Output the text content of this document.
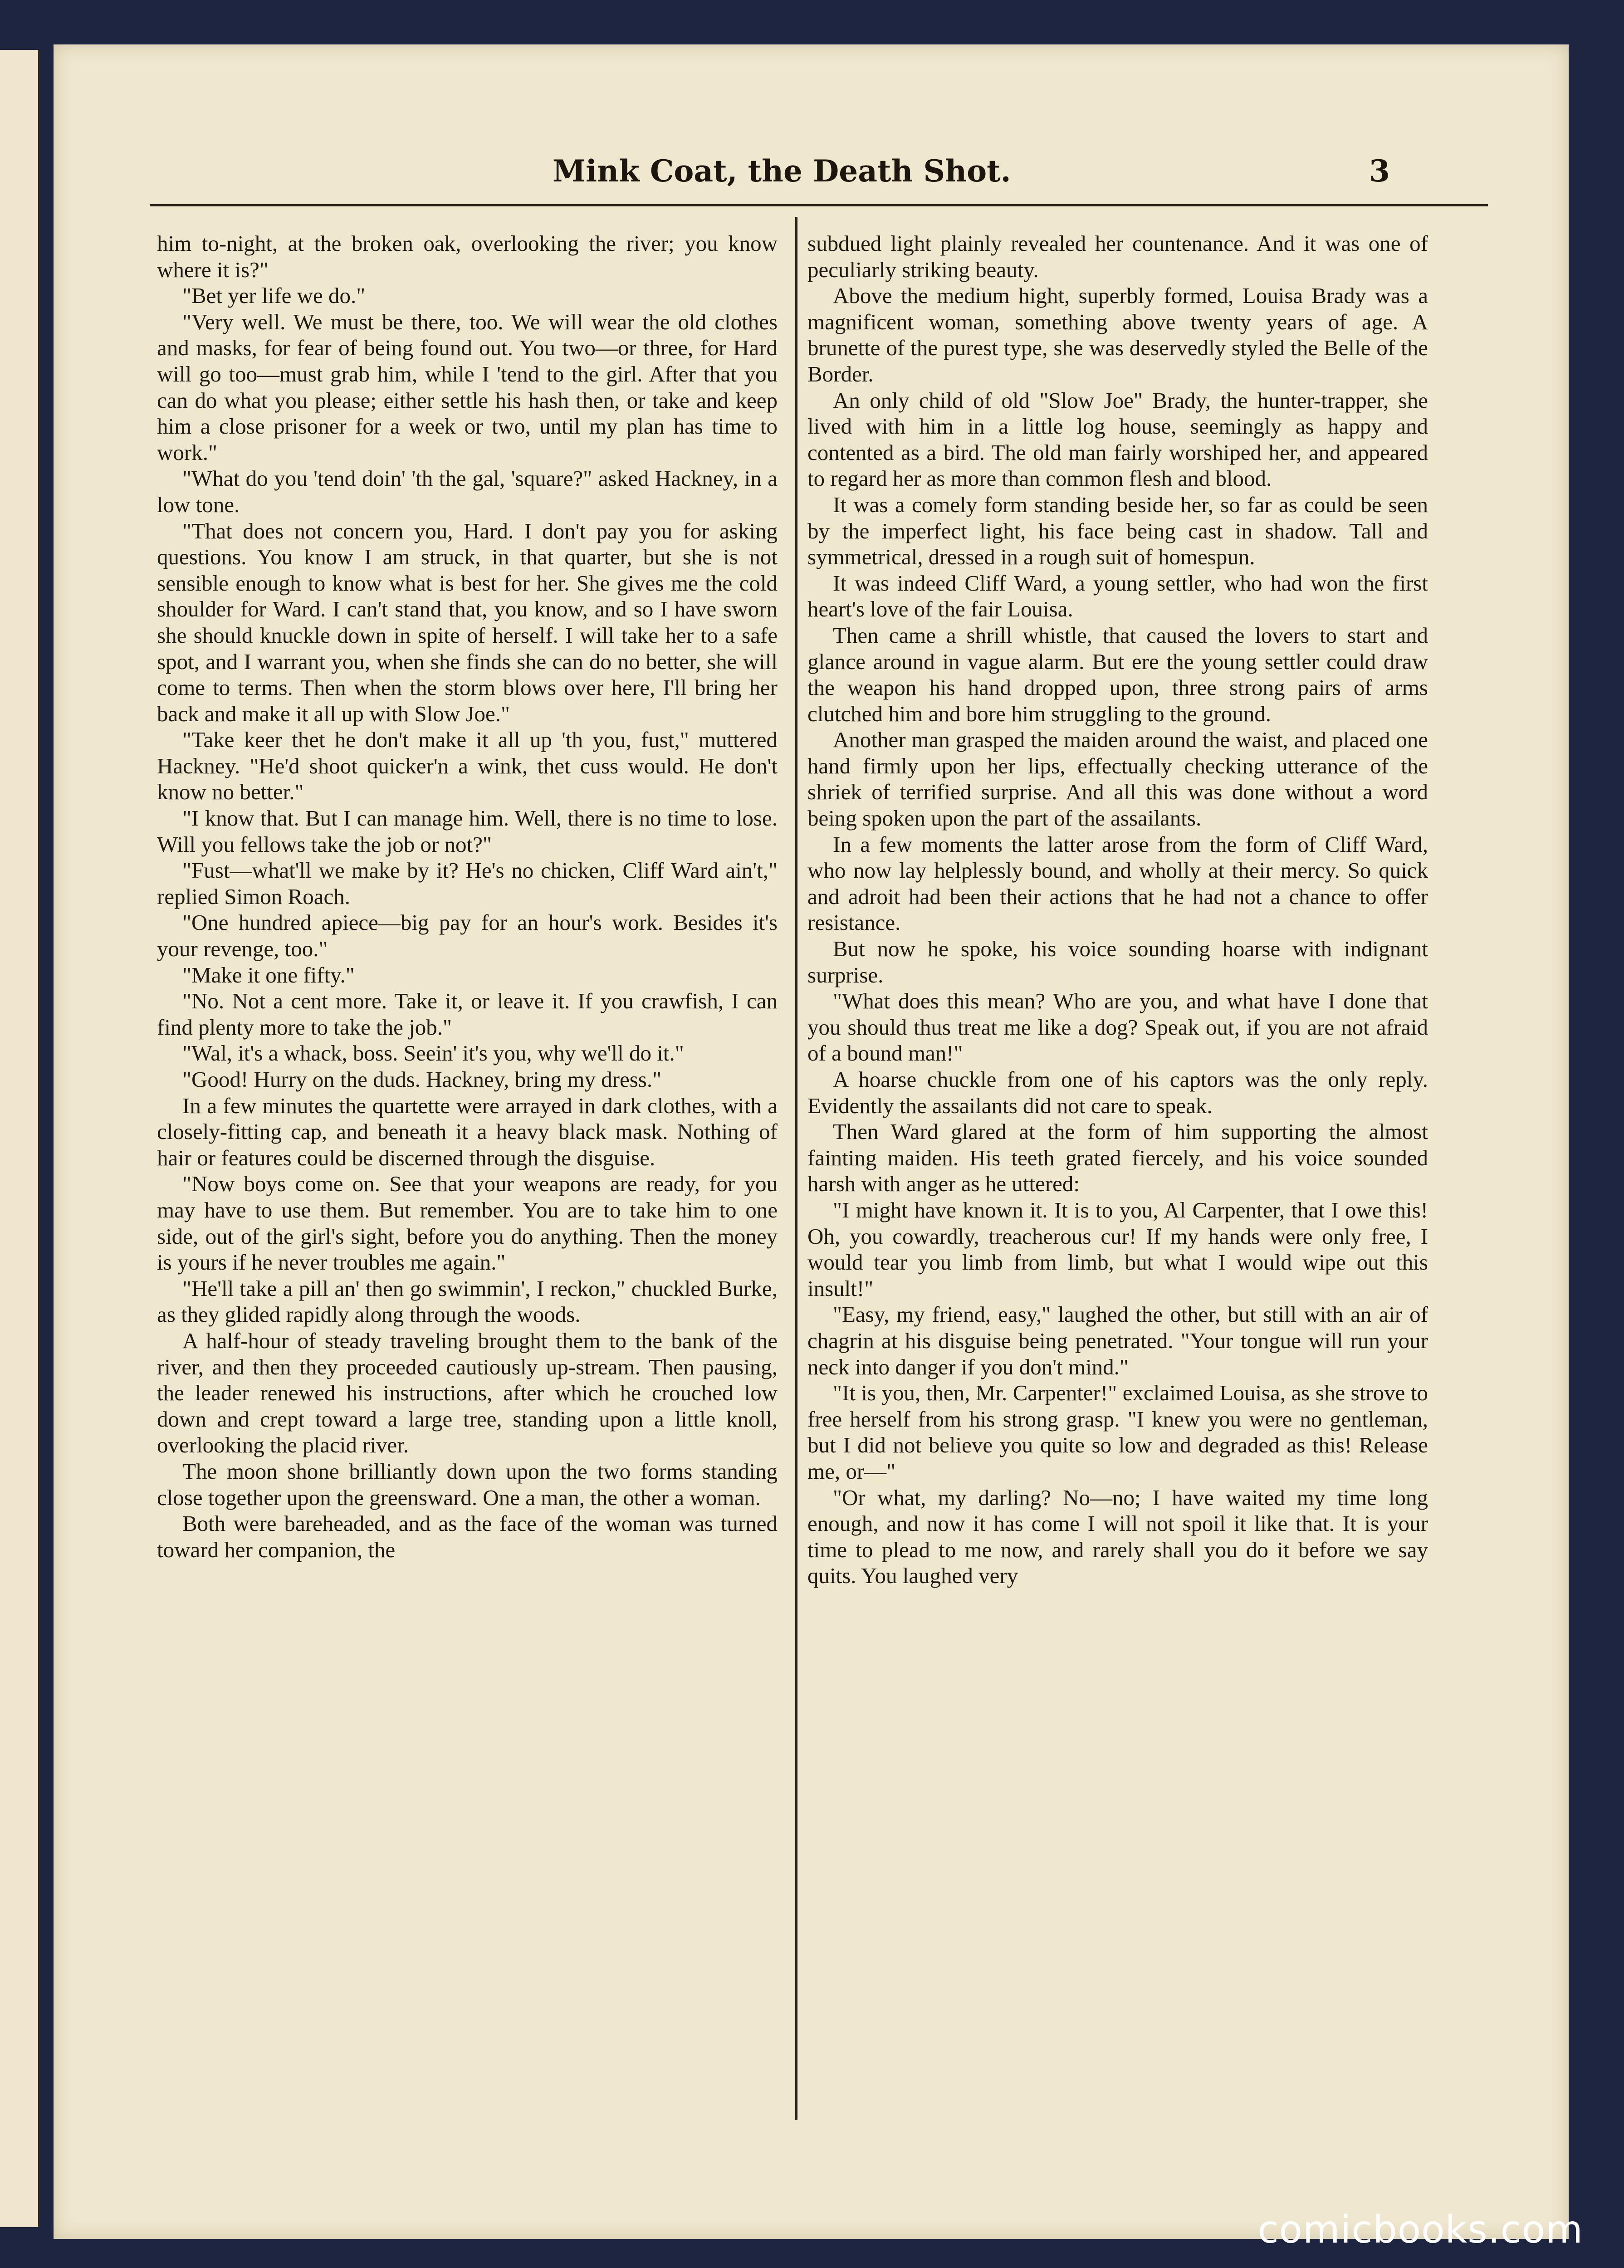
Mink Coat, the Death Shot.	3

him to-night, at the broken oak, overlooking the river; you know where it is?"

"Bet yer life we do."

"Very well. We must be there, too. We will wear the old clothes and masks, for fear of being found out. You two—or three, for Hard will go too—must grab him, while I 'tend to the girl. After that you can do what you please; either settle his hash then, or take and keep him a close prisoner for a week or two, until my plan has time to work."

"What do you 'tend doin' 'th the gal, 'square?" asked Hackney, in a low tone.

"That does not concern you, Hard. I don't pay you for asking questions. You know I am struck, in that quarter, but she is not sensible enough to know what is best for her. She gives me the cold shoulder for Ward. I can't stand that, you know, and so I have sworn she should knuckle down in spite of herself. I will take her to a safe spot, and I warrant you, when she finds she can do no better, she will come to terms. Then when the storm blows over here, I'll bring her back and make it all up with Slow Joe."

"Take keer thet he don't make it all up 'th you, fust," muttered Hackney. "He'd shoot quicker'n a wink, thet cuss would. He don't know no better."

"I know that. But I can manage him. Well, there is no time to lose. Will you fellows take the job or not?"

"Fust—what'll we make by it? He's no chicken, Cliff Ward ain't," replied Simon Roach.

"One hundred apiece—big pay for an hour's work. Besides it's your revenge, too."

"Make it one fifty."

"No. Not a cent more. Take it, or leave it. If you crawfish, I can find plenty more to take the job."

"Wal, it's a whack, boss. Seein' it's you, why we'll do it."

"Good! Hurry on the duds. Hackney, bring my dress."

In a few minutes the quartette were arrayed in dark clothes, with a closely-fitting cap, and beneath it a heavy black mask. Nothing of hair or features could be discerned through the disguise.

"Now boys come on. See that your weapons are ready, for you may have to use them. But remember. You are to take him to one side, out of the girl's sight, before you do anything. Then the money is yours if he never troubles me again."

"He'll take a pill an' then go swimmin', I reckon," chuckled Burke, as they glided rapidly along through the woods.

A half-hour of steady traveling brought them to the bank of the river, and then they proceeded cautiously up-stream. Then pausing, the leader renewed his instructions, after which he crouched low down and crept toward a large tree, standing upon a little knoll, overlooking the placid river.

The moon shone brilliantly down upon the two forms standing close together upon the greensward. One a man, the other a woman.

Both were bareheaded, and as the face of the woman was turned toward her companion, the

subdued light plainly revealed her countenance. And it was one of peculiarly striking beauty.

Above the medium hight, superbly formed, Louisa Brady was a magnificent woman, something above twenty years of age. A brunette of the purest type, she was deservedly styled the Belle of the Border.

An only child of old "Slow Joe" Brady, the hunter-trapper, she lived with him in a little log house, seemingly as happy and contented as a bird. The old man fairly worshiped her, and appeared to regard her as more than common flesh and blood.

It was a comely form standing beside her, so far as could be seen by the imperfect light, his face being cast in shadow. Tall and symmetrical, dressed in a rough suit of homespun.

It was indeed Cliff Ward, a young settler, who had won the first heart's love of the fair Louisa.

Then came a shrill whistle, that caused the lovers to start and glance around in vague alarm. But ere the young settler could draw the weapon his hand dropped upon, three strong pairs of arms clutched him and bore him struggling to the ground.

Another man grasped the maiden around the waist, and placed one hand firmly upon her lips, effectually checking utterance of the shriek of terrified surprise. And all this was done without a word being spoken upon the part of the assailants.

In a few moments the latter arose from the form of Cliff Ward, who now lay helplessly bound, and wholly at their mercy. So quick and adroit had been their actions that he had not a chance to offer resistance.

But now he spoke, his voice sounding hoarse with indignant surprise.

"What does this mean? Who are you, and what have I done that you should thus treat me like a dog? Speak out, if you are not afraid of a bound man!"

A hoarse chuckle from one of his captors was the only reply. Evidently the assailants did not care to speak.

Then Ward glared at the form of him supporting the almost fainting maiden. His teeth grated fiercely, and his voice sounded harsh with anger as he uttered:

"I might have known it. It is to you, Al Carpenter, that I owe this! Oh, you cowardly, treacherous cur! If my hands were only free, I would tear you limb from limb, but what I would wipe out this insult!"

"Easy, my friend, easy," laughed the other, but still with an air of chagrin at his disguise being penetrated. "Your tongue will run your neck into danger if you don't mind."

"It is you, then, Mr. Carpenter!" exclaimed Louisa, as she strove to free herself from his strong grasp. "I knew you were no gentleman, but I did not believe you quite so low and degraded as this! Release me, or—"

"Or what, my darling? No—no; I have waited my time long enough, and now it has come I will not spoil it like that. It is your time to plead to me now, and rarely shall you do it before we say quits. You laughed very

comicbooks.com
